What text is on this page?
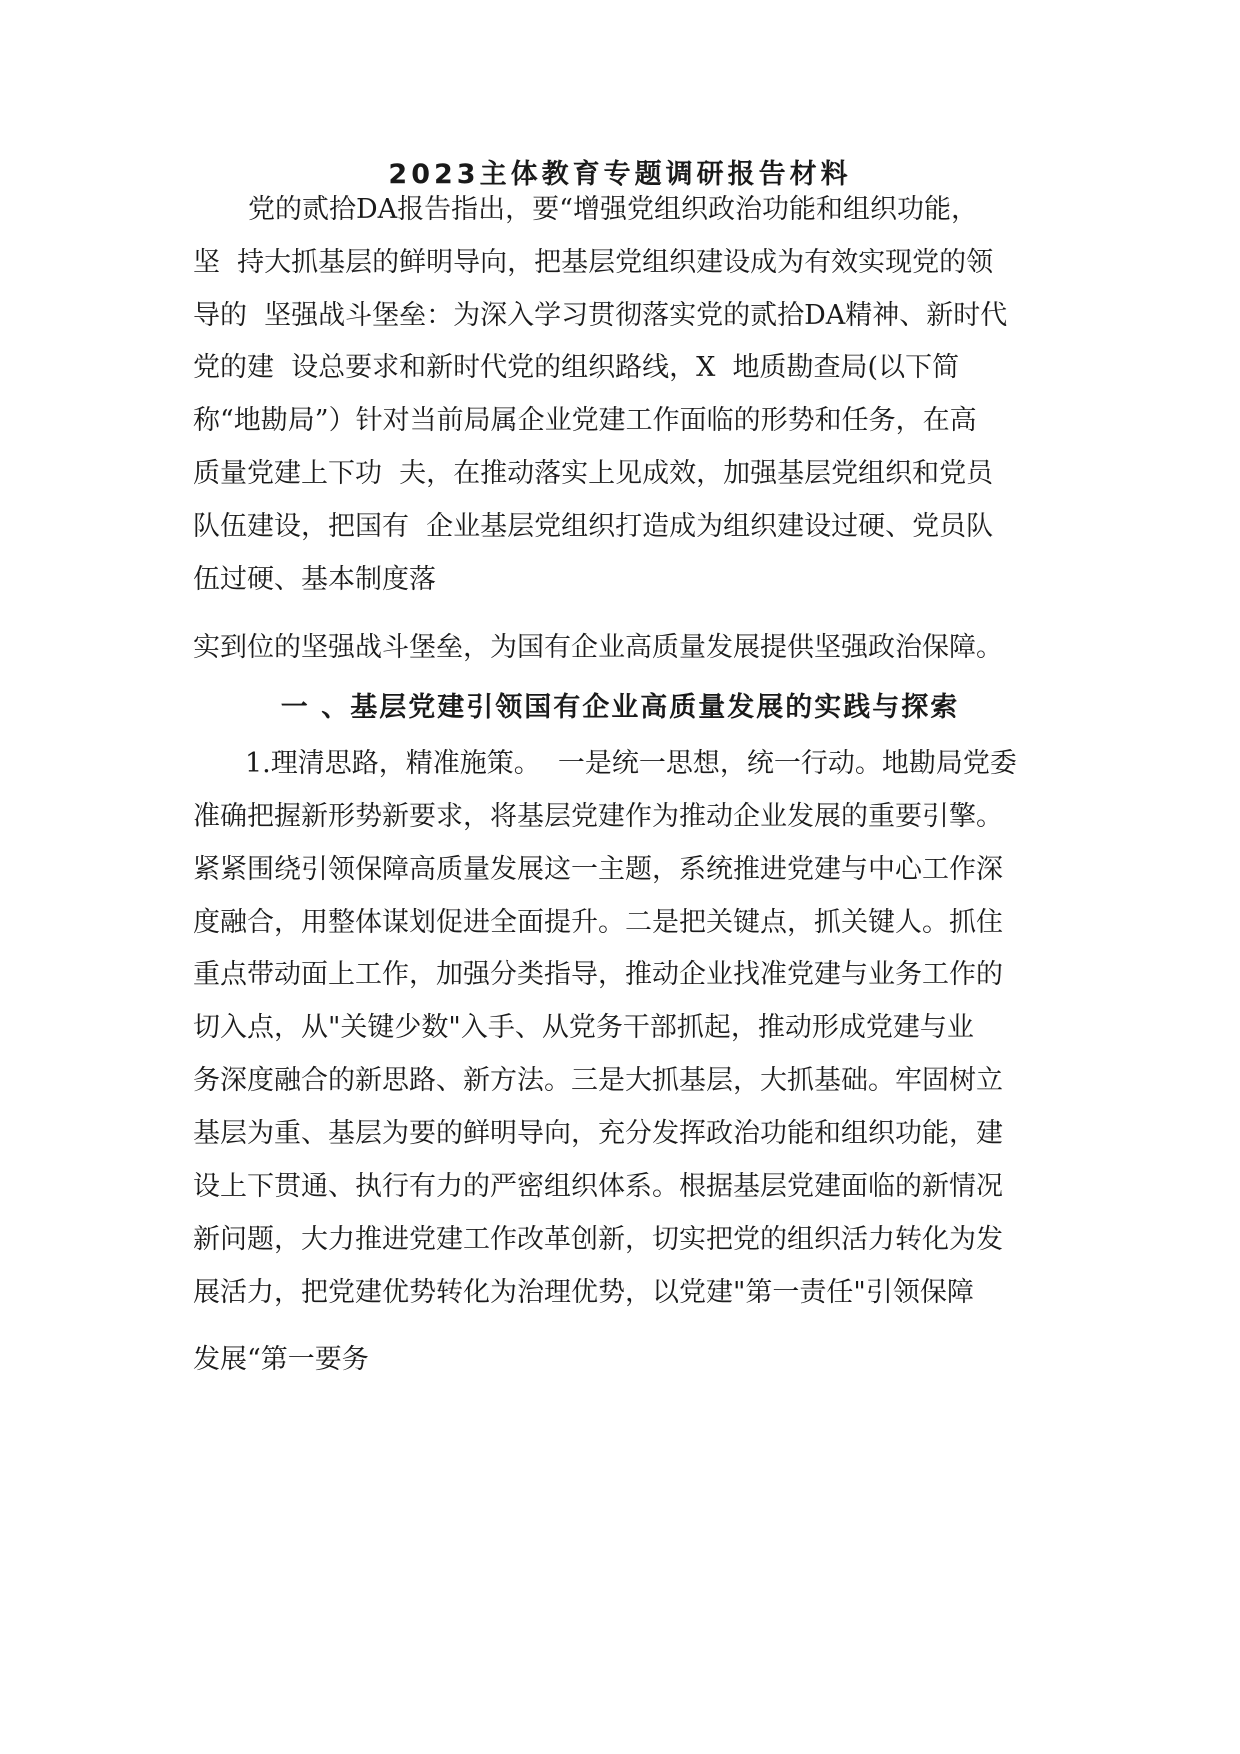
2023主体教育专题调研报告材料

党的贰拾DA报告指出，要“增强党组织政治功能和组织功能，

坚  持大抓基层的鲜明导向，把基层党组织建设成为有效实现党的领

导的  坚强战斗堡垒：为深入学习贯彻落实党的贰拾DA精神、新时代

党的建  设总要求和新时代党的组织路线，X  地质勘查局(以下简

称“地勘局”）针对当前局属企业党建工作面临的形势和任务，在高

质量党建上下功  夫，在推动落实上见成效，加强基层党组织和党员

队伍建设，把国有  企业基层党组织打造成为组织建设过硬、党员队

伍过硬、基本制度落

实到位的坚强战斗堡垒，为国有企业高质量发展提供坚强政治保障。

一 、基层党建引领国有企业高质量发展的实践与探索

1.理清思路，精准施策。  一是统一思想，统一行动。地勘局党委

准确把握新形势新要求，将基层党建作为推动企业发展的重要引擎。

紧紧围绕引领保障高质量发展这一主题，系统推进党建与中心工作深

度融合，用整体谋划促进全面提升。二是把关键点，抓关键人。抓住

重点带动面上工作，加强分类指导，推动企业找准党建与业务工作的

切入点，从"关键少数"入手、从党务干部抓起，推动形成党建与业

务深度融合的新思路、新方法。三是大抓基层，大抓基础。牢固树立

基层为重、基层为要的鲜明导向，充分发挥政治功能和组织功能，建

设上下贯通、执行有力的严密组织体系。根据基层党建面临的新情况

新问题，大力推进党建工作改革创新，切实把党的组织活力转化为发

展活力，把党建优势转化为治理优势，以党建"第一责任"引领保障

发展“第一要务
